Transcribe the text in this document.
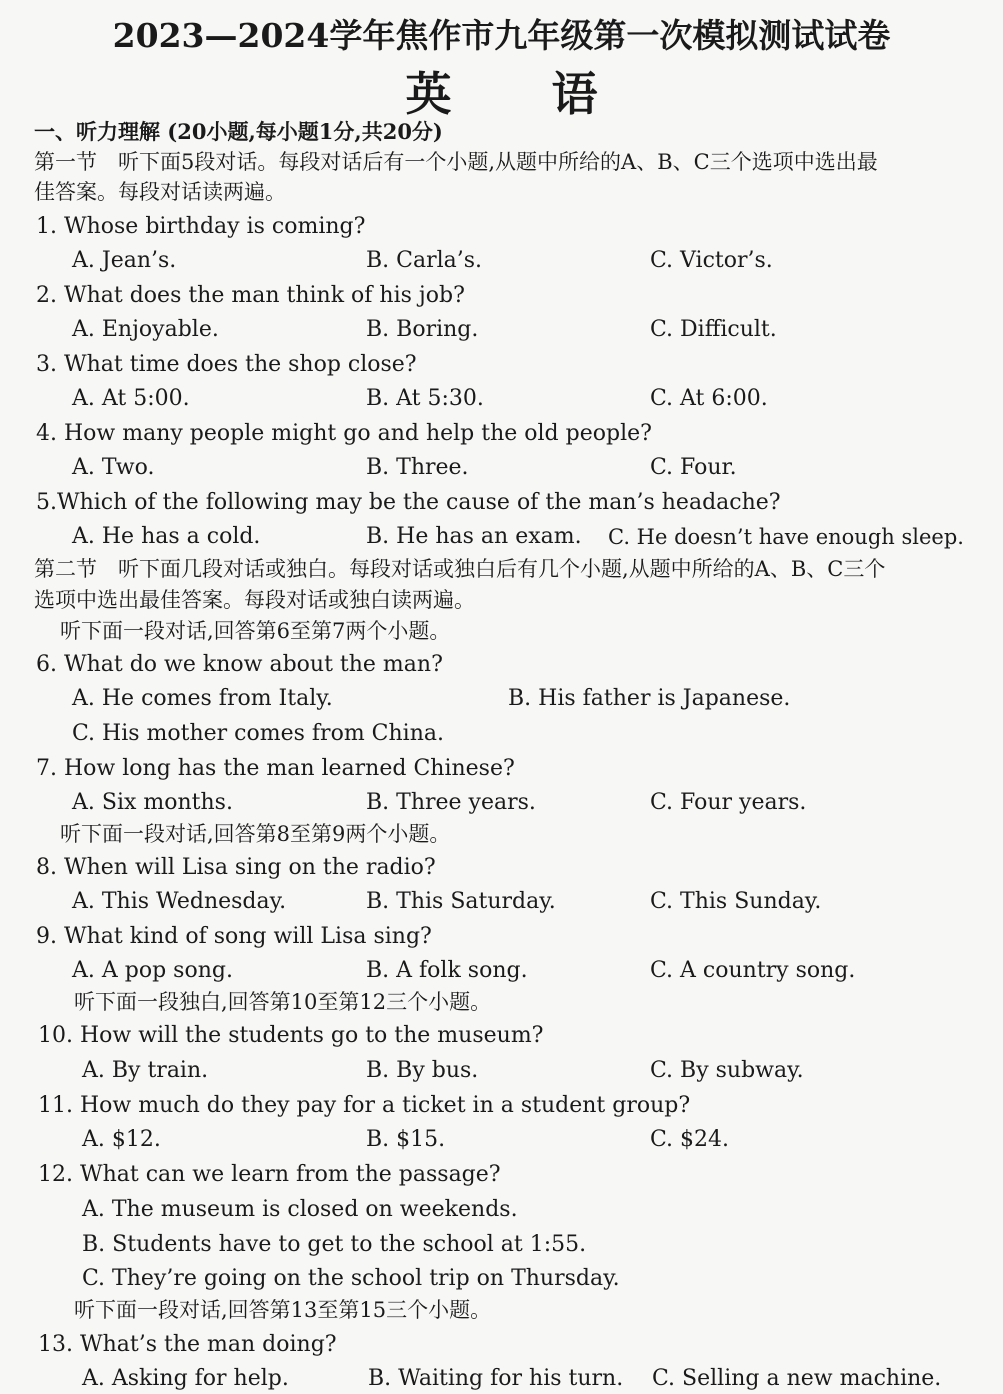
2023—2024学年焦作市九年级第一次模拟测试试卷
英语
一、听力理解 (20小题,每小题1分,共20分)
第一节　听下面5段对话。每段对话后有一个小题,从题中所给的A、B、C三个选项中选出最
佳答案。每段对话读两遍。
1. Whose birthday is coming?
A. Jean’s.	B. Carla’s.	C. Victor’s.
2. What does the man think of his job?
A. Enjoyable.	B. Boring.	C. Difficult.
3. What time does the shop close?
A. At 5:00.	B. At 5:30.	C. At 6:00.
4. How many people might go and help the old people?
A. Two.	B. Three.	C. Four.
5.Which of the following may be the cause of the man’s headache?
A. He has a cold.	B. He has an exam. C. He doesn’t have enough sleep.
第二节　听下面几段对话或独白。每段对话或独白后有几个小题,从题中所给的A、B、C三个
选项中选出最佳答案。每段对话或独白读两遍。
听下面一段对话,回答第6至第7两个小题。
6. What do we know about the man?
A. He comes from Italy.	B. His father is Japanese.
C. His mother comes from China.
7. How long has the man learned Chinese?
A. Six months.	B. Three years.	C. Four years.
听下面一段对话,回答第8至第9两个小题。
8. When will Lisa sing on the radio?
A. This Wednesday.	B. This Saturday.	C. This Sunday.
9. What kind of song will Lisa sing?
A. A pop song.	B. A folk song.	C. A country song.
听下面一段独白,回答第10至第12三个小题。
10. How will the students go to the museum?
A. By train.	B. By bus.	C. By subway.
11. How much do they pay for a ticket in a student group?
A. $12.	B. $15.	C. $24.
12. What can we learn from the passage?
A. The museum is closed on weekends.
B. Students have to get to the school at 1:55.
C. They’re going on the school trip on Thursday.
听下面一段对话,回答第13至第15三个小题。
13. What’s the man doing?
A. Asking for help.	B. Waiting for his turn. C. Selling a new machine.
